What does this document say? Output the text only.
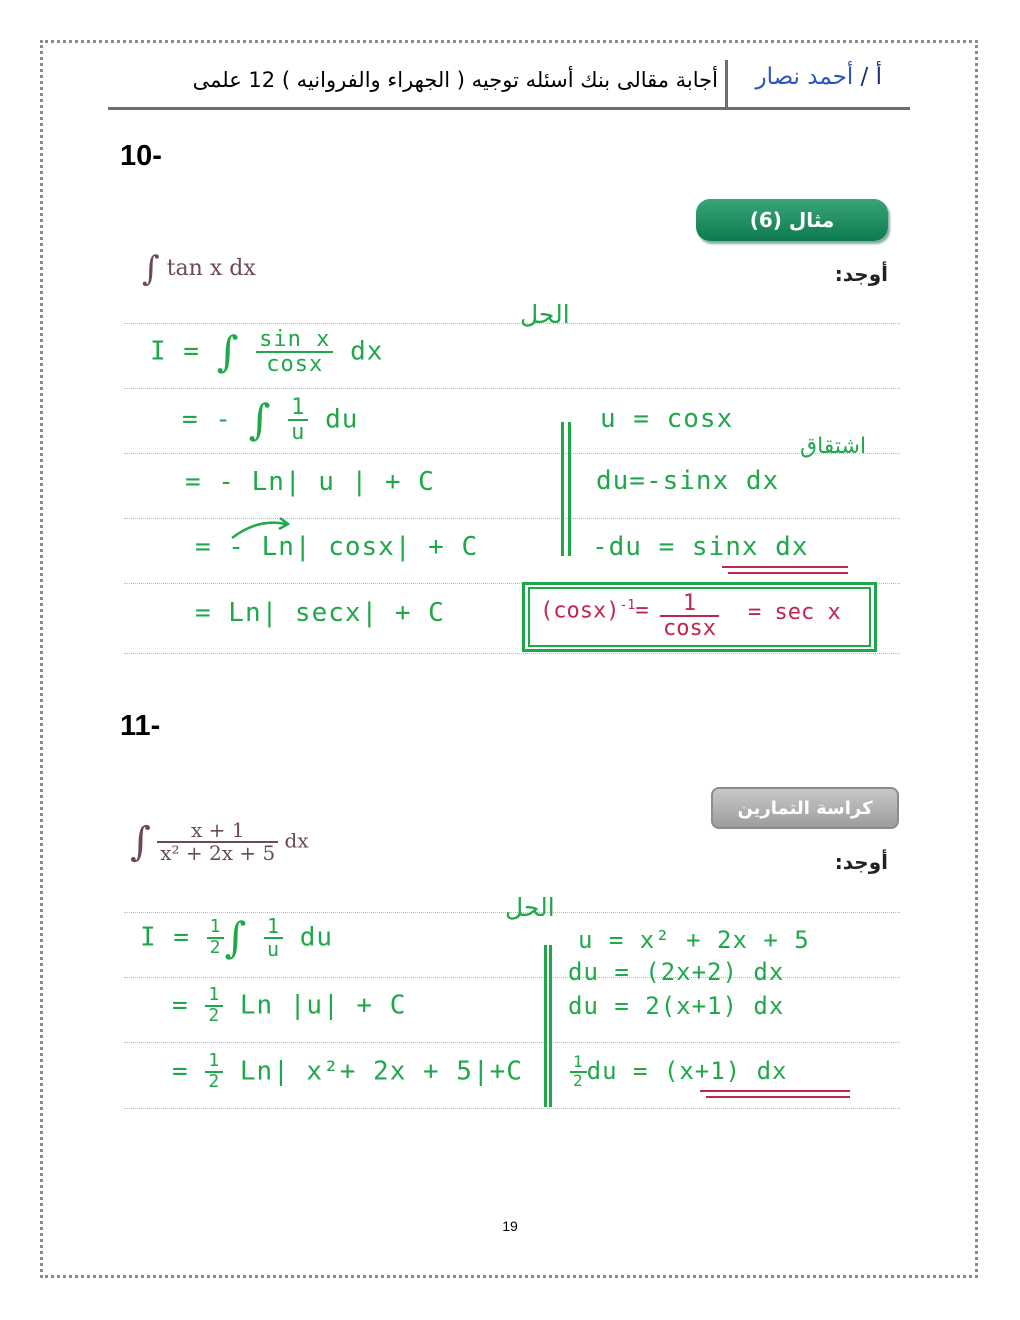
أ / أحمد نصار
أجابة مقالى بنك أسئله توجيه ( الجهراء والفروانيه ) 12 علمى
10-
مثال (6)
أوجد:
∫ tan x dx
الحل
I = ∫ $\frac{\text{sin x}}{\cos x}$ dx
= - ∫ $\frac{1}{u}$ du
= - Ln| u | + C
= - Ln| cosx| + C
= Ln| secx| + C
u = cosx
اشتقاق
du=-sinx dx
-du = sinx dx
$(\cos x)^{-1}= \frac{1}{\cos x} = \sec x$
11-
كراسة التمارين
أوجد:
∫ $\frac{x + 1}{\text{x² + 2x + 5}}$ dx
الحل
$I = \frac{1}{2}$ ∫ $\frac{1}{u}$ du
= $\frac{1}{2}$ Ln |u| + C
= $\frac{1}{2} Ln|$ x²+ 2x + 5|+C
u = x² + 2x + 5
du = (2x+2) dx
du = 2(x+1) dx
$\frac{1}{2}$ du = (x+1) dx
19
